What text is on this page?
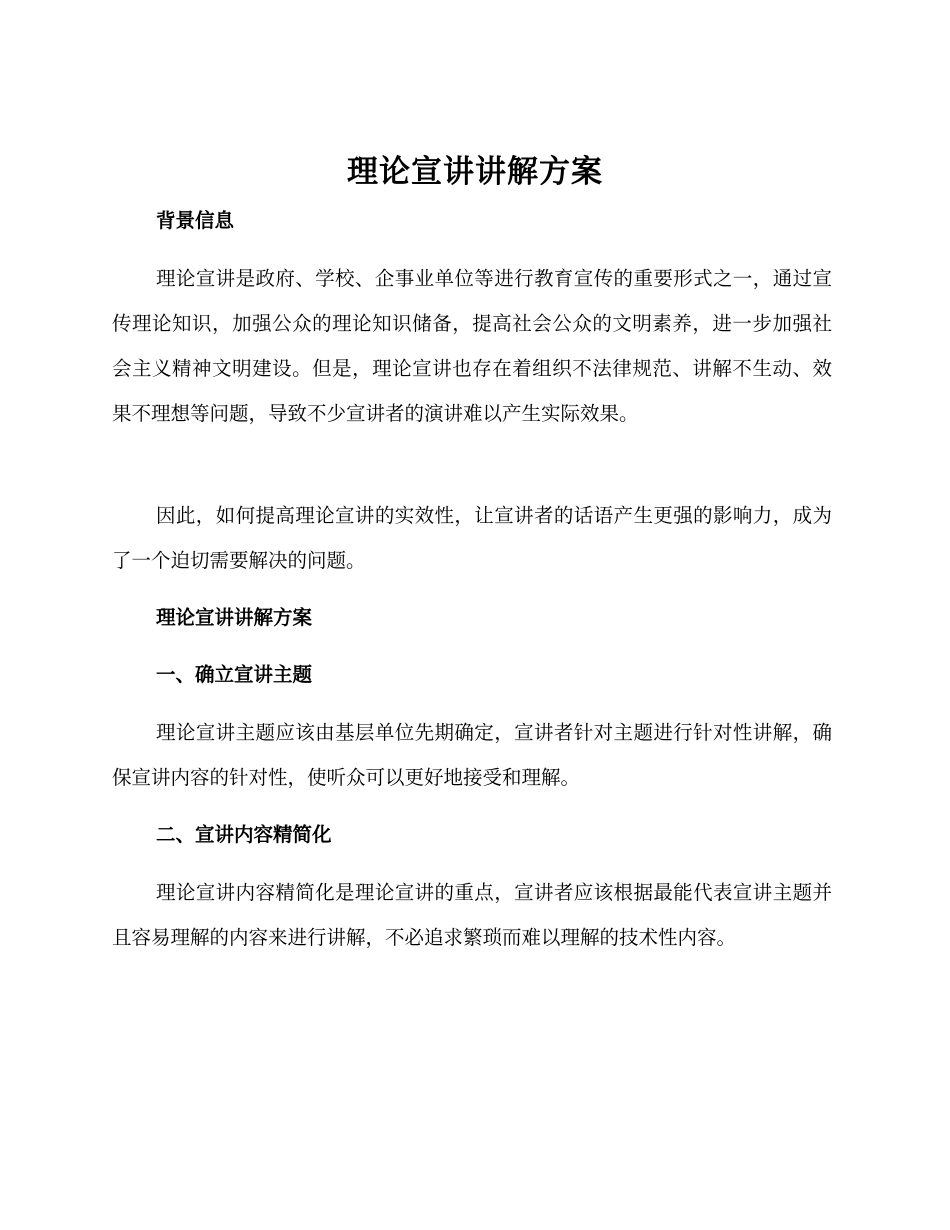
理论宣讲讲解方案
背景信息
理论宣讲是政府、学校、企事业单位等进行教育宣传的重要形式之一，通过宣传理论知识，加强公众的理论知识储备，提高社会公众的文明素养，进一步加强社会主义精神文明建设。但是，理论宣讲也存在着组织不法律规范、讲解不生动、效果不理想等问题，导致不少宣讲者的演讲难以产生实际效果。
因此，如何提高理论宣讲的实效性，让宣讲者的话语产生更强的影响力，成为了一个迫切需要解决的问题。
理论宣讲讲解方案
一、确立宣讲主题
理论宣讲主题应该由基层单位先期确定，宣讲者针对主题进行针对性讲解，确保宣讲内容的针对性，使听众可以更好地接受和理解。
二、宣讲内容精简化
理论宣讲内容精简化是理论宣讲的重点，宣讲者应该根据最能代表宣讲主题并且容易理解的内容来进行讲解，不必追求繁琐而难以理解的技术性内容。
